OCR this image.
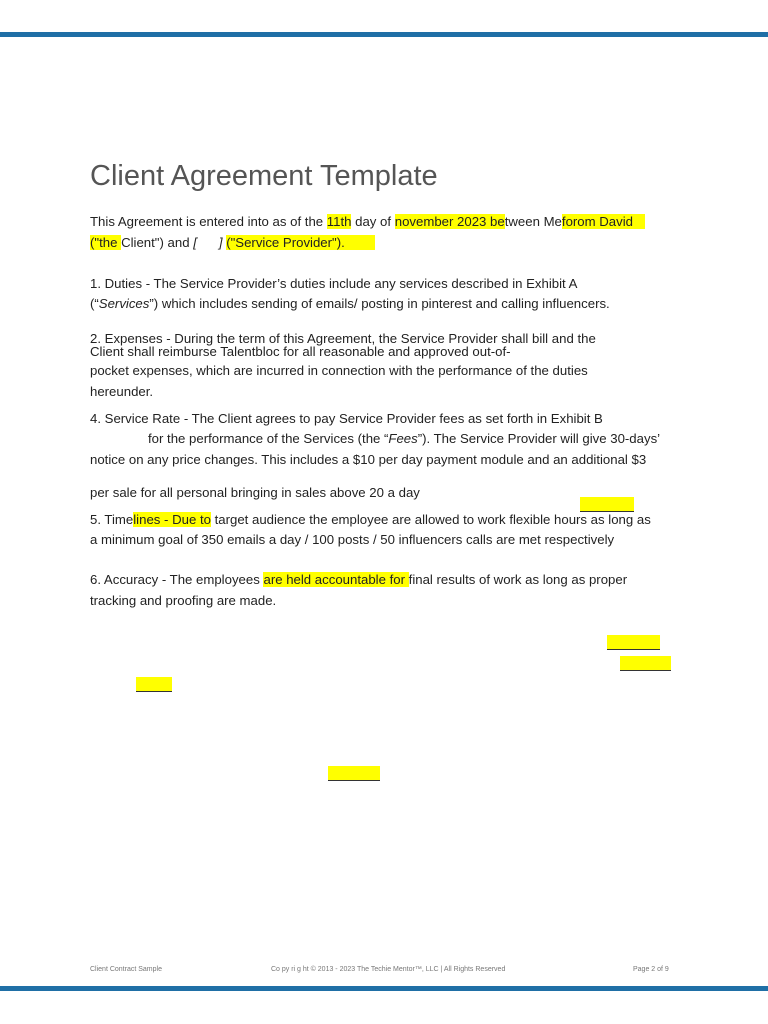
Client Agreement Template
This Agreement is entered into as of the 11th day of november 2023 between Meforom David
("the Client") and [ ] ("Service Provider").
1. Duties - The Service Provider’s duties include any services described in Exhibit A
(“Services”) which includes sending of emails/ posting in pinterest and calling influencers.
2. Expenses - During the term of this Agreement, the Service Provider shall bill and the
Client shall reimburse Talentbloc for all reasonable and approved out-of-
pocket expenses, which are incurred in connection with the performance of the duties
hereunder.
4. Service Rate - The Client agrees to pay Service Provider fees as set forth in Exhibit B
for the performance of the Services (the “Fees”). The Service Provider will give 30-days’
notice on any price changes. This includes a $10 per day payment module and an additional $3
per sale for all personal bringing in sales above 20 a day
5. Timelines - Due to target audience the employee are allowed to work flexible hours as long as
a minimum goal of 350 emails a day / 100 posts / 50 influencers calls are met respectively
6. Accuracy - The employees are held accountable for final results of work as long as proper
tracking and proofing are made.
Client Contract Sample	Co py ri g ht © 2013 - 2023 The Techie Mentor™, LLC | All Rights Reserved	Page 2 of 9
